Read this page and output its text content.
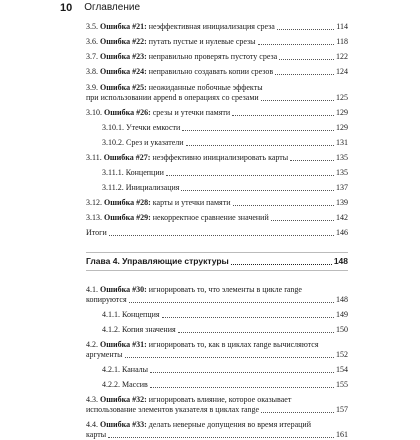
10 Оглавление
3.5. Ошибка #21: неэффективная инициализация среза	114
3.6. Ошибка #22: путать пустые и нулевые срезы	118
3.7. Ошибка #23: неправильно проверять пустоту среза	122
3.8. Ошибка #24: неправильно создавать копии срезов	124
3.9. Ошибка #25: неожиданные побочные эффекты
при использовании append в операциях со срезами	125
3.10. Ошибка #26: срезы и утечки памяти	129
3.10.1. Утечки емкости	129
3.10.2. Срез и указатели	131
3.11. Ошибка #27: неэффективно инициализировать карты	135
3.11.1. Концепции	135
3.11.2. Инициализация	137
3.12. Ошибка #28: карты и утечки памяти	139
3.13. Ошибка #29: некорректное сравнение значений	142
Итоги	146
Глава 4. Управляющие структуры	148
4.1. Ошибка #30: игнорировать то, что элементы в цикле range
копируются	148
4.1.1. Концепция	149
4.1.2. Копия значения	150
4.2. Ошибка #31: игнорировать то, как в циклах range вычисляются
аргументы	152
4.2.1. Каналы	154
4.2.2. Массив	155
4.3. Ошибка #32: игнорировать влияние, которое оказывает
использование элементов указателя в циклах range	157
4.4. Ошибка #33: делать неверные допущения во время итераций
карты	161
